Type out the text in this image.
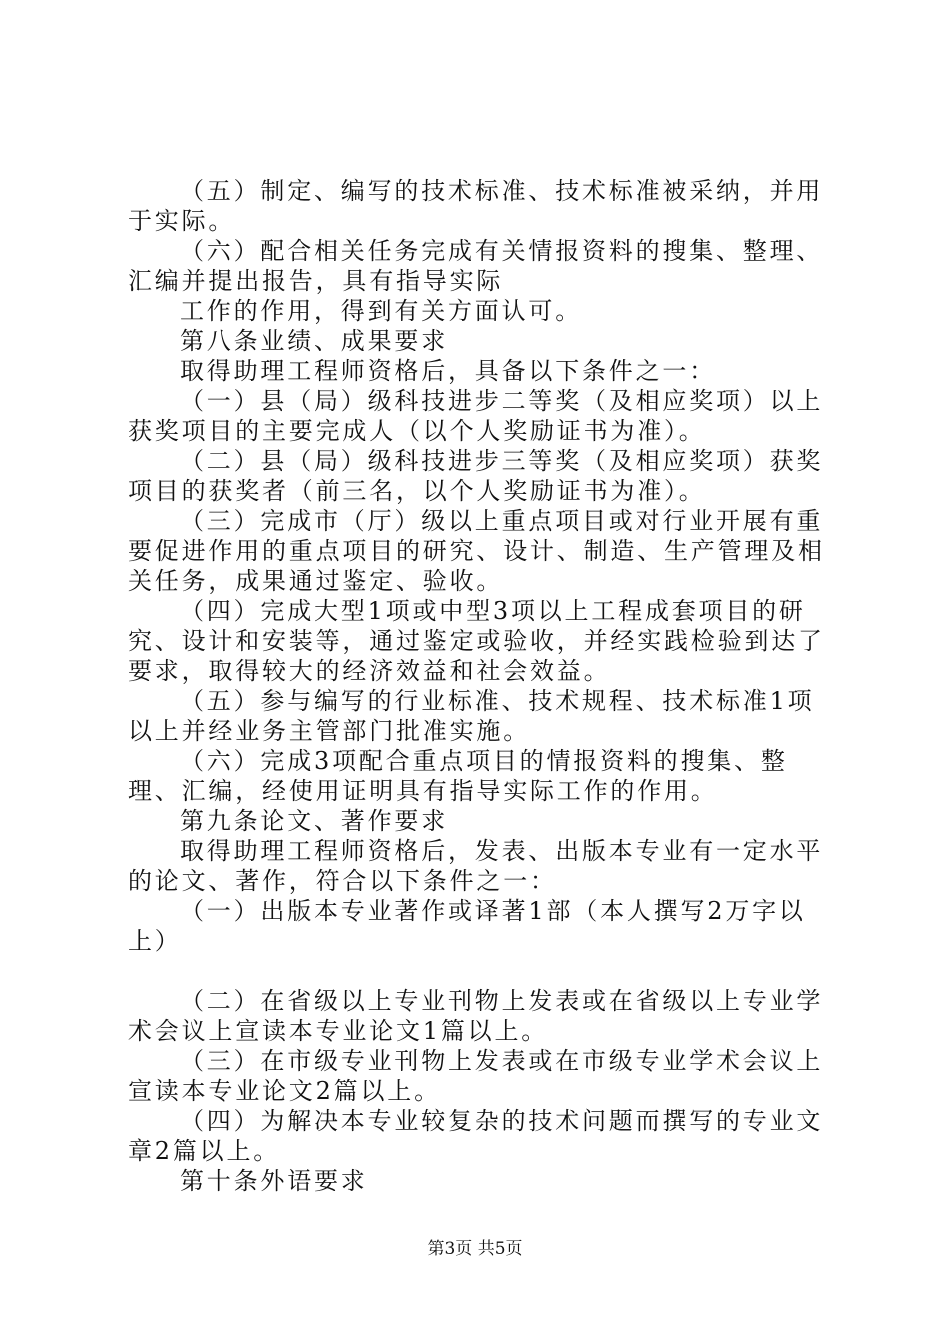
（五）制定、编写的技术标准、技术标准被采纳，并用于实际。

（六）配合相关任务完成有关情报资料的搜集、整理、汇编并提出报告，具有指导实际

工作的作用，得到有关方面认可。

第八条业绩、成果要求

取得助理工程师资格后，具备以下条件之一：

（一）县（局）级科技进步二等奖（及相应奖项）以上获奖项目的主要完成人（以个人奖励证书为准）。

（二）县（局）级科技进步三等奖（及相应奖项）获奖项目的获奖者（前三名，以个人奖励证书为准）。

（三）完成市（厅）级以上重点项目或对行业开展有重要促进作用的重点项目的研究、设计、制造、生产管理及相关任务，成果通过鉴定、验收。

（四）完成大型1项或中型3项以上工程成套项目的研究、设计和安装等，通过鉴定或验收，并经实践检验到达了要求，取得较大的经济效益和社会效益。

（五）参与编写的行业标准、技术规程、技术标准1项以上并经业务主管部门批准实施。

（六）完成3项配合重点项目的情报资料的搜集、整理、汇编，经使用证明具有指导实际工作的作用。

第九条论文、著作要求

取得助理工程师资格后，发表、出版本专业有一定水平的论文、著作，符合以下条件之一：

（一）出版本专业著作或译著1部（本人撰写2万字以上）

（二）在省级以上专业刊物上发表或在省级以上专业学术会议上宣读本专业论文1篇以上。

（三）在市级专业刊物上发表或在市级专业学术会议上宣读本专业论文2篇以上。

（四）为解决本专业较复杂的技术问题而撰写的专业文章2篇以上。

第十条外语要求

第3页 共5页
